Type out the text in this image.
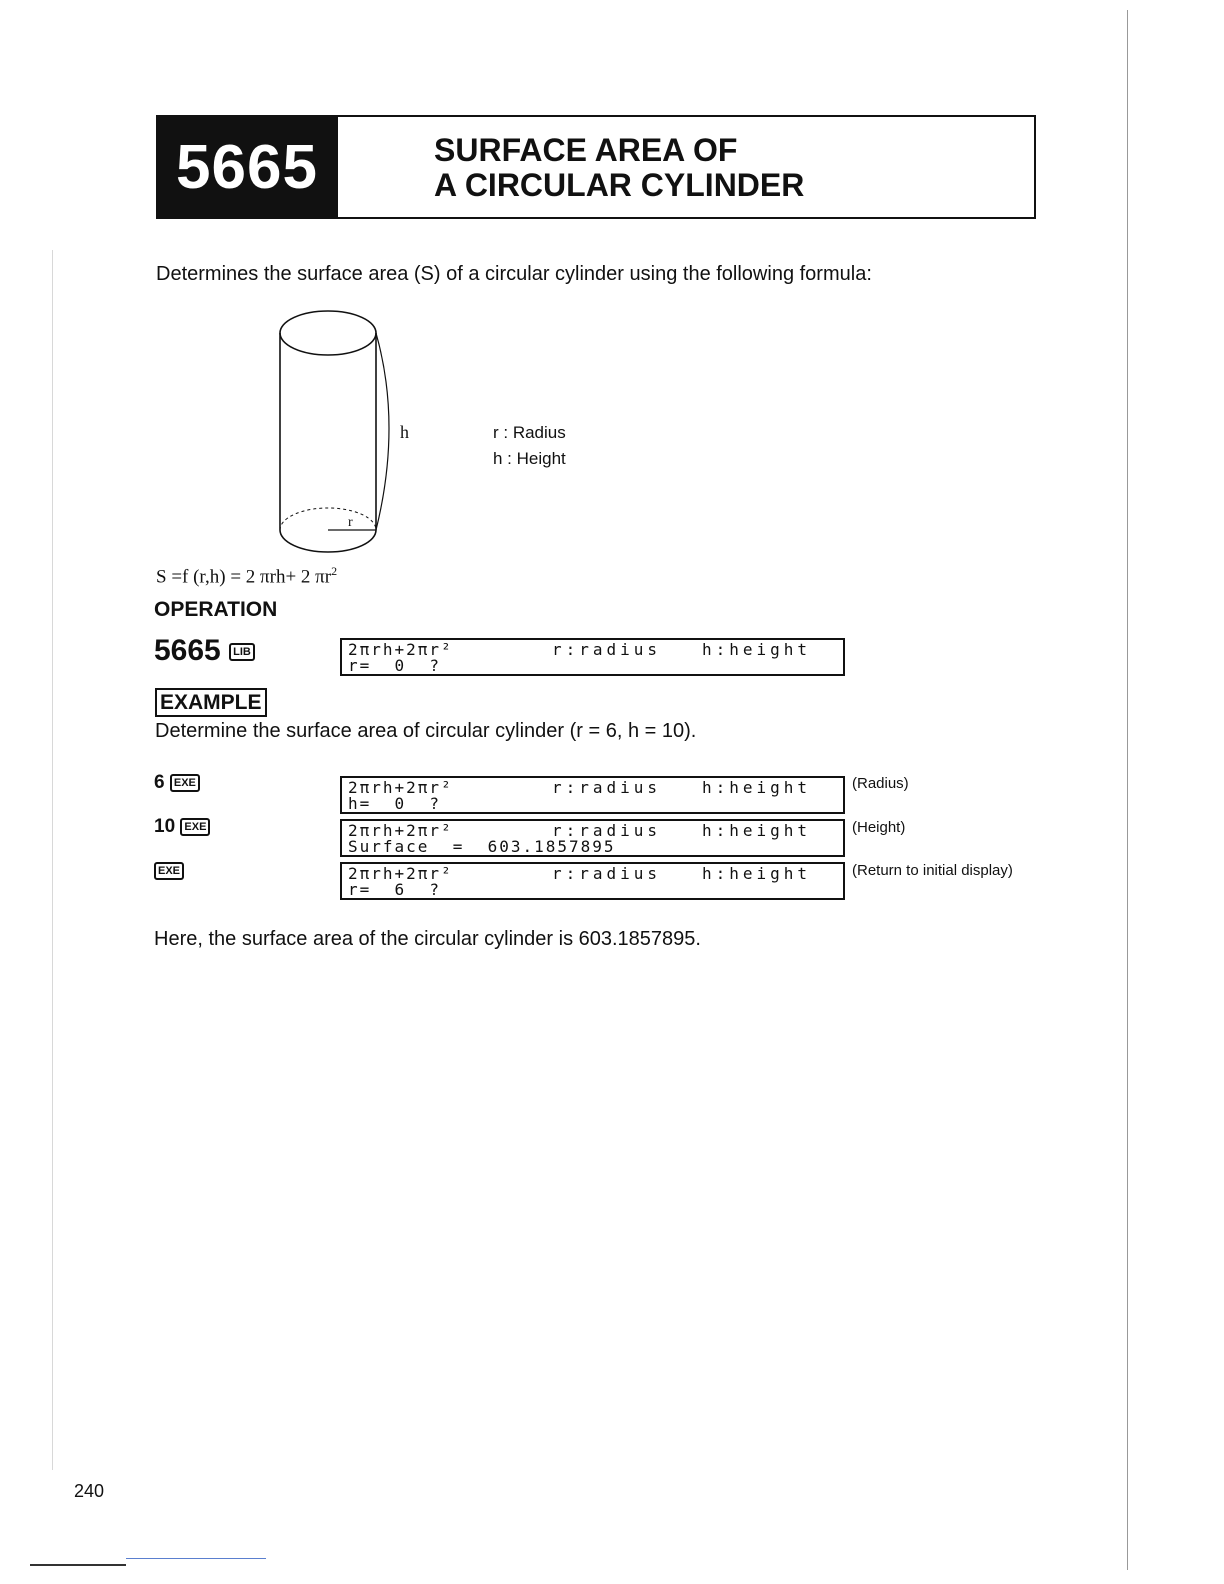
5665	SURFACE AREA OF
A CIRCULAR CYLINDER
Determines the surface area (S) of a circular cylinder using the following formula:
h
r
r : Radius
h : Height
S =f (r,h) = 2 πrh+ 2 $\pi r^2$
OPERATION
5665 LIB	2πrh+2πr²	r:radius	h:height
r=  0  ?_
EXAMPLE
Determine the surface area of circular cylinder (r = 6, h = 10).
6 EXE	2πrh+2πr²	r:radius	h:height
h=  0  ?_
(Radius)
10 EXE	2πrh+2πr²	r:radius	h:height
Surface  =  603.1857895
(Height)
EXE	2πrh+2πr²	r:radius	h:height
r=  6  ?_
(Return to initial display)
Here, the surface area of the circular cylinder is 603.1857895.
240
